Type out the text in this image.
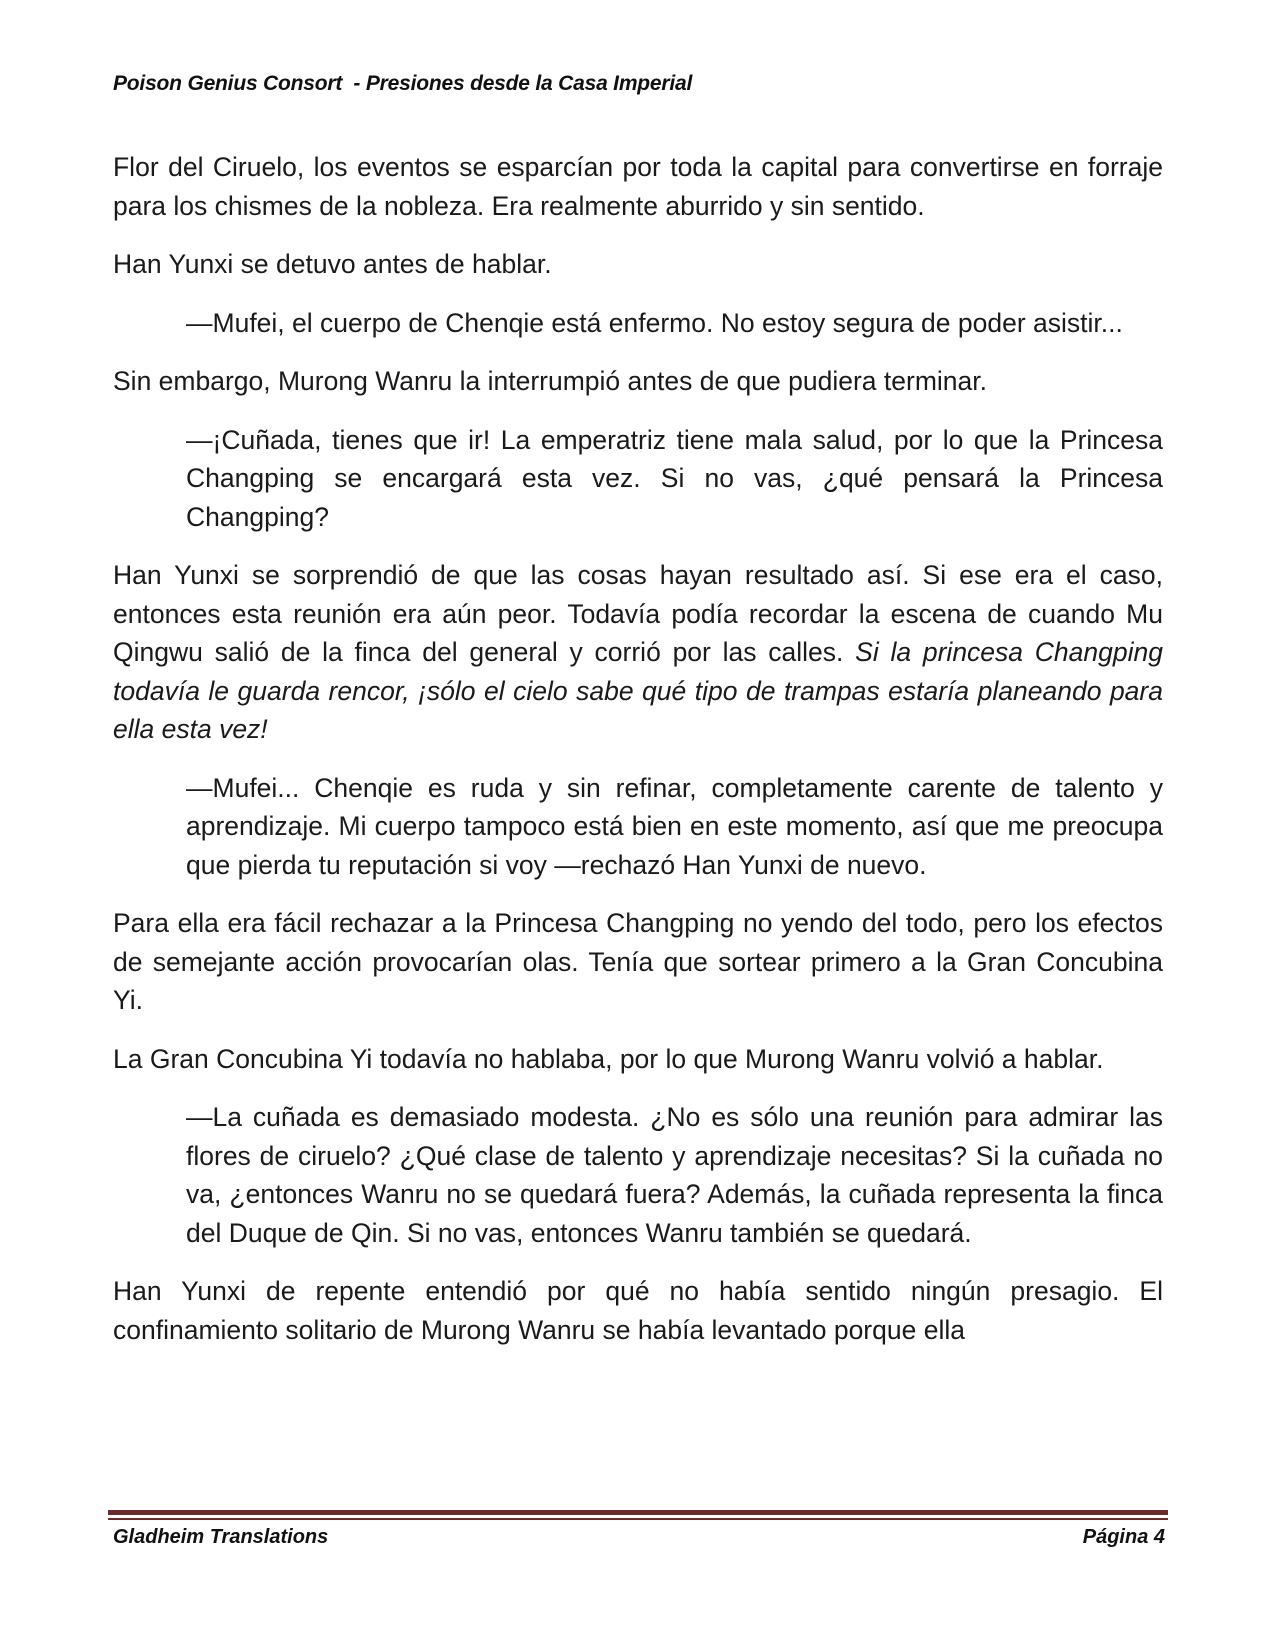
Poison Genius Consort  - Presiones desde la Casa Imperial

Flor del Ciruelo, los eventos se esparcían por toda la capital para convertirse en forraje para los chismes de la nobleza. Era realmente aburrido y sin sentido.

Han Yunxi se detuvo antes de hablar.

—Mufei, el cuerpo de Chenqie está enfermo. No estoy segura de poder asistir...

Sin embargo, Murong Wanru la interrumpió antes de que pudiera terminar.

—¡Cuñada, tienes que ir! La emperatriz tiene mala salud, por lo que la Princesa Changping se encargará esta vez. Si no vas, ¿qué pensará la Princesa Changping?

Han Yunxi se sorprendió de que las cosas hayan resultado así. Si ese era el caso, entonces esta reunión era aún peor. Todavía podía recordar la escena de cuando Mu Qingwu salió de la finca del general y corrió por las calles. Si la princesa Changping todavía le guarda rencor, ¡sólo el cielo sabe qué tipo de trampas estaría planeando para ella esta vez!

—Mufei... Chenqie es ruda y sin refinar, completamente carente de talento y aprendizaje. Mi cuerpo tampoco está bien en este momento, así que me preocupa que pierda tu reputación si voy —rechazó Han Yunxi de nuevo.

Para ella era fácil rechazar a la Princesa Changping no yendo del todo, pero los efectos de semejante acción provocarían olas. Tenía que sortear primero a la Gran Concubina Yi.

La Gran Concubina Yi todavía no hablaba, por lo que Murong Wanru volvió a hablar.

—La cuñada es demasiado modesta. ¿No es sólo una reunión para admirar las flores de ciruelo? ¿Qué clase de talento y aprendizaje necesitas? Si la cuñada no va, ¿entonces Wanru no se quedará fuera? Además, la cuñada representa la finca del Duque de Qin. Si no vas, entonces Wanru también se quedará.

Han Yunxi de repente entendió por qué no había sentido ningún presagio. El confinamiento solitario de Murong Wanru se había levantado porque ella

Gladheim Translations	Página 4
